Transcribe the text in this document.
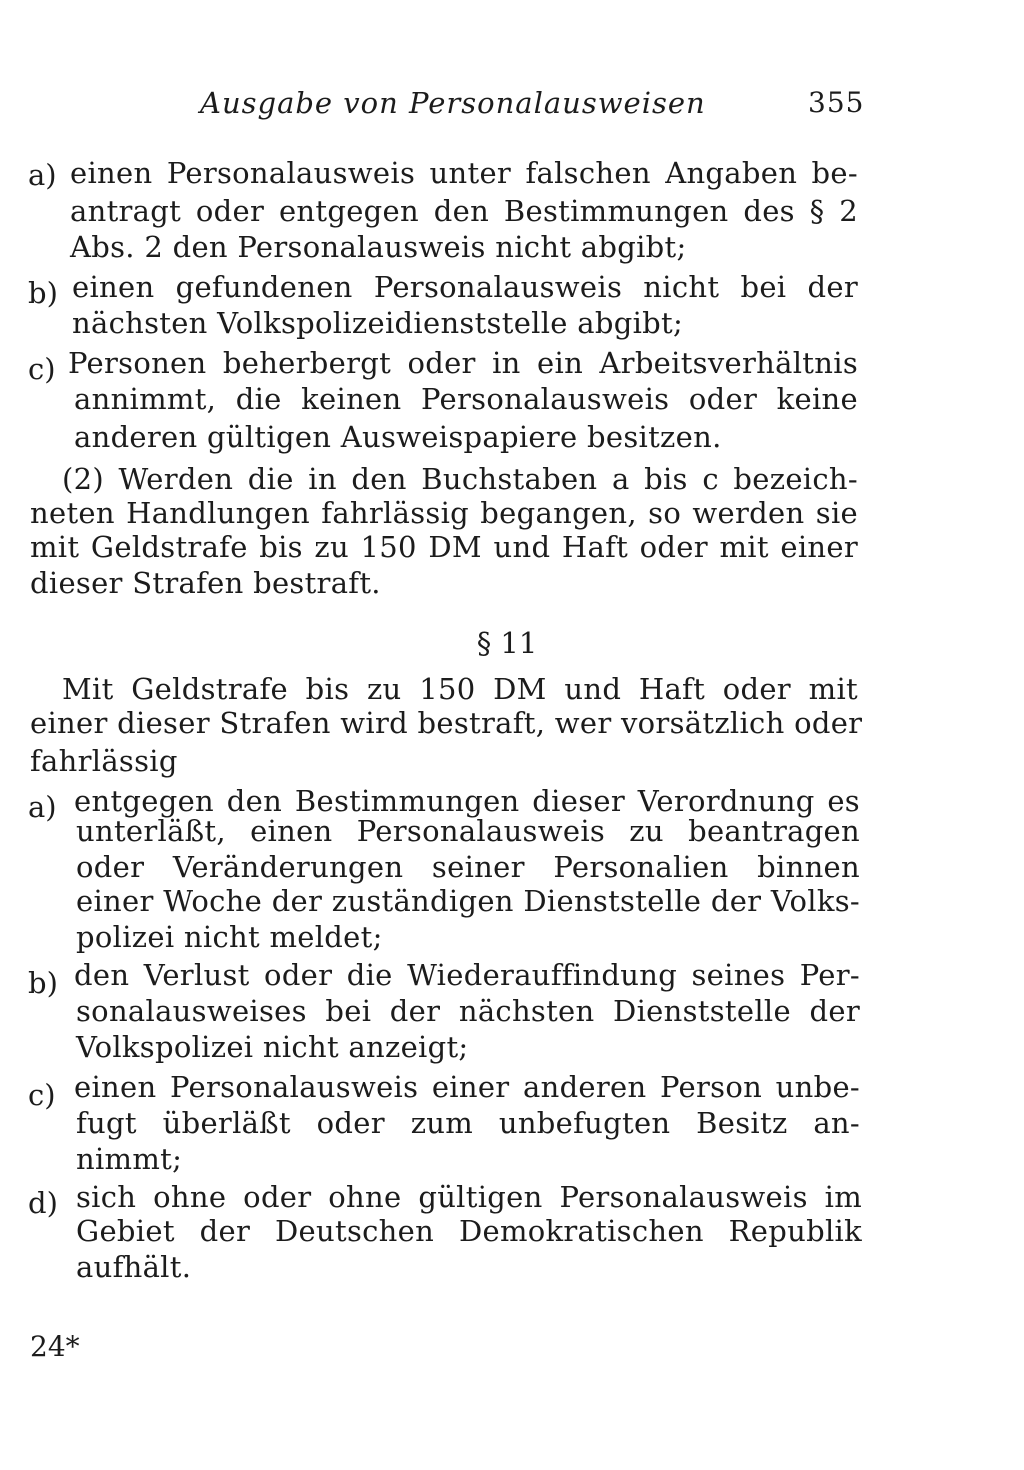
Ausgabe von Personalausweisen	355
a) einen Personalausweis unter falschen Angaben be-
antragt oder entgegen den Bestimmungen des § 2
Abs. 2 den Personalausweis nicht abgibt;
b) einen gefundenen Personalausweis nicht bei der
nächsten Volkspolizeidienststelle abgibt;
c) Personen beherbergt oder in ein Arbeitsverhältnis
annimmt, die keinen Personalausweis oder keine
anderen gültigen Ausweispapiere besitzen.
(2) Werden die in den Buchstaben a bis c bezeich-
neten Handlungen fahrlässig begangen, so werden sie
mit Geldstrafe bis zu 150 DM und Haft oder mit einer
dieser Strafen bestraft.
§ 11
Mit Geldstrafe bis zu 150 DM und Haft oder mit
einer dieser Strafen wird bestraft, wer vorsätzlich oder
fahrlässig
a) entgegen den Bestimmungen dieser Verordnung es
unterläßt, einen Personalausweis zu beantragen
oder Veränderungen seiner Personalien binnen
einer Woche der zuständigen Dienststelle der Volks-
polizei nicht meldet;
b) den Verlust oder die Wiederauffindung seines Per-
sonalausweises bei der nächsten Dienststelle der
Volkspolizei nicht anzeigt;
c) einen Personalausweis einer anderen Person unbe-
fugt überläßt oder zum unbefugten Besitz an-
nimmt;
d) sich ohne oder ohne gültigen Personalausweis im
Gebiet der Deutschen Demokratischen Republik
aufhält.
24*
